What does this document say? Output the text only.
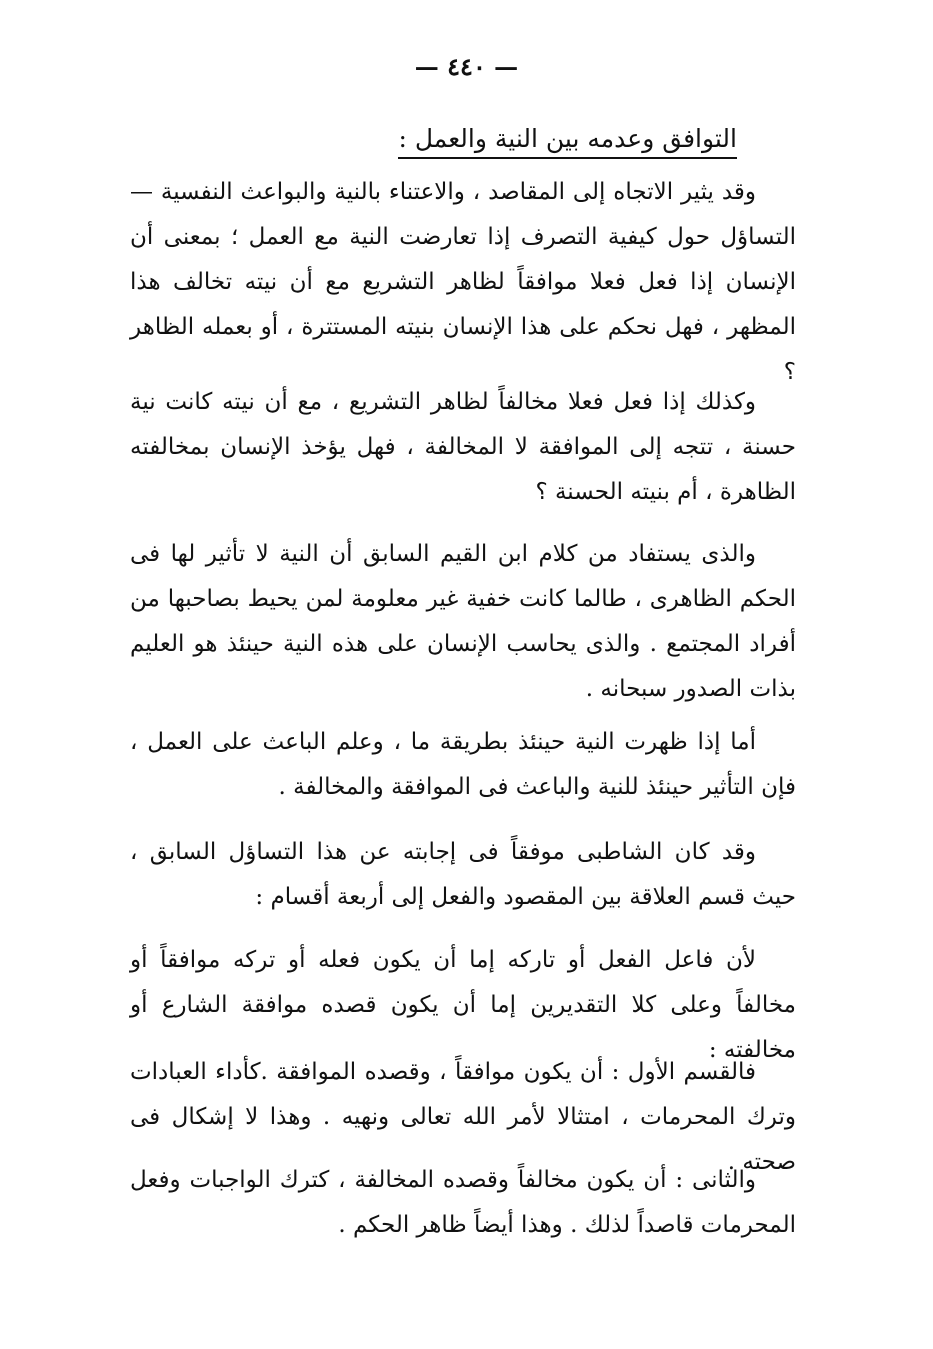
— ٤٤٠ —
التوافق وعدمه بين النية والعمل :

وقد يثير الاتجاه إلى المقاصد ، والاعتناء بالنية والبواعث النفسية — التساؤل حول كيفية التصرف إذا تعارضت النية مع العمل ؛ بمعنى أن الإنسان إذا فعل فعلا موافقاً لظاهر التشريع مع أن نيته تخالف هذا المظهر ، فهل نحكم على هذا الإنسان بنيته المستترة ، أو بعمله الظاهر ؟

وكذلك إذا فعل فعلا مخالفاً لظاهر التشريع ، مع أن نيته كانت نية حسنة ، تتجه إلى الموافقة لا المخالفة ، فهل يؤخذ الإنسان بمخالفته الظاهرة ، أم بنيته الحسنة ؟

والذى يستفاد من كلام ابن القيم السابق أن النية لا تأثير لها فى الحكم الظاهرى ، طالما كانت خفية غير معلومة لمن يحيط بصاحبها من أفراد المجتمع . والذى يحاسب الإنسان على هذه النية حينئذ هو العليم بذات الصدور سبحانه .

أما إذا ظهرت النية حينئذ بطريقة ما ، وعلم الباعث على العمل ، فإن التأثير حينئذ للنية والباعث فى الموافقة والمخالفة .

وقد كان الشاطبى موفقاً فى إجابته عن هذا التساؤل السابق ، حيث قسم العلاقة بين المقصود والفعل إلى أربعة أقسام :

لأن فاعل الفعل أو تاركه إما أن يكون فعله أو تركه موافقاً أو مخالفاً وعلى كلا التقديرين إما أن يكون قصده موافقة الشارع أو مخالفته :

فالقسم الأول : أن يكون موافقاً ، وقصده الموافقة .كأداء العبادات وترك المحرمات ، امتثالا لأمر الله تعالى ونهيه . وهذا لا إشكال فى صحته .

والثانى : أن يكون مخالفاً وقصده المخالفة ، كترك الواجبات وفعل المحرمات قاصداً لذلك . وهذا أيضاً ظاهر الحكم .
